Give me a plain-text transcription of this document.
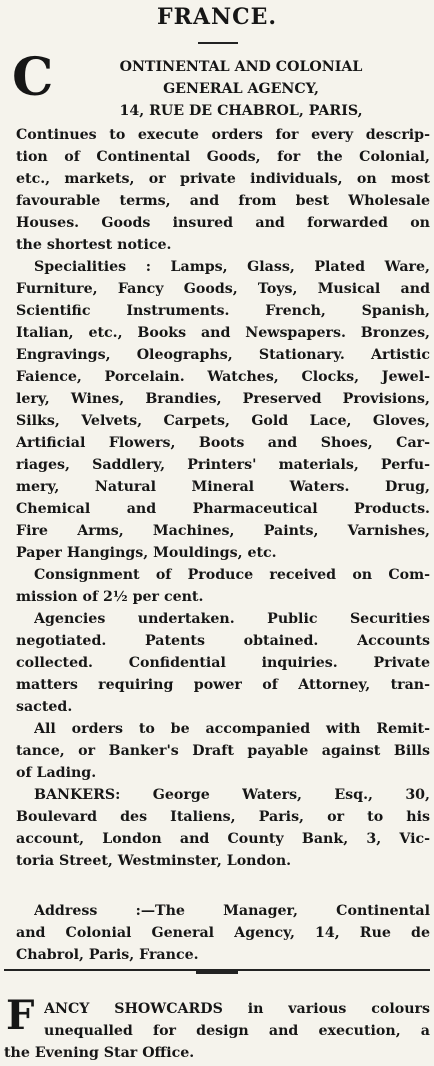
FRANCE.
C	ONTINENTAL AND COLONIAL
GENERAL AGENCY,
14, RUE DE CHABROL, PARIS,
Continues to execute orders for every descrip-
tion of Continental Goods, for the Colonial,
etc., markets, or private individuals, on most
favourable terms, and from best Wholesale
Houses. Goods insured and forwarded on
the shortest notice.
Specialities : Lamps, Glass, Plated Ware,
Furniture, Fancy Goods, Toys, Musical and
Scientific Instruments. French, Spanish,
Italian, etc., Books and Newspapers. Bronzes,
Engravings, Oleographs, Stationary. Artistic
Faience, Porcelain. Watches, Clocks, Jewel-
lery, Wines, Brandies, Preserved Provisions,
Silks, Velvets, Carpets, Gold Lace, Gloves,
Artificial Flowers, Boots and Shoes, Car-
riages, Saddlery, Printers' materials, Perfu-
mery, Natural Mineral Waters. Drug,
Chemical and Pharmaceutical Products.
Fire Arms, Machines, Paints, Varnishes,
Paper Hangings, Mouldings, etc.
Consignment of Produce received on Com-
mission of 2½ per cent.
Agencies undertaken. Public Securities
negotiated. Patents obtained. Accounts
collected. Confidential inquiries. Private
matters requiring power of Attorney, tran-
sacted.
All orders to be accompanied with Remit-
tance, or Banker's Draft payable against Bills
of Lading.
BANKERS: George Waters, Esq., 30,
Boulevard des Italiens, Paris, or to his
account, London and County Bank, 3, Vic-
toria Street, Westminster, London.
Address :—The Manager, Continental
and Colonial General Agency, 14, Rue de
Chabrol, Paris, France.
F ANCY SHOWCARDS in various colours
unequalled for design and execution, a
the Evening Star Office.
